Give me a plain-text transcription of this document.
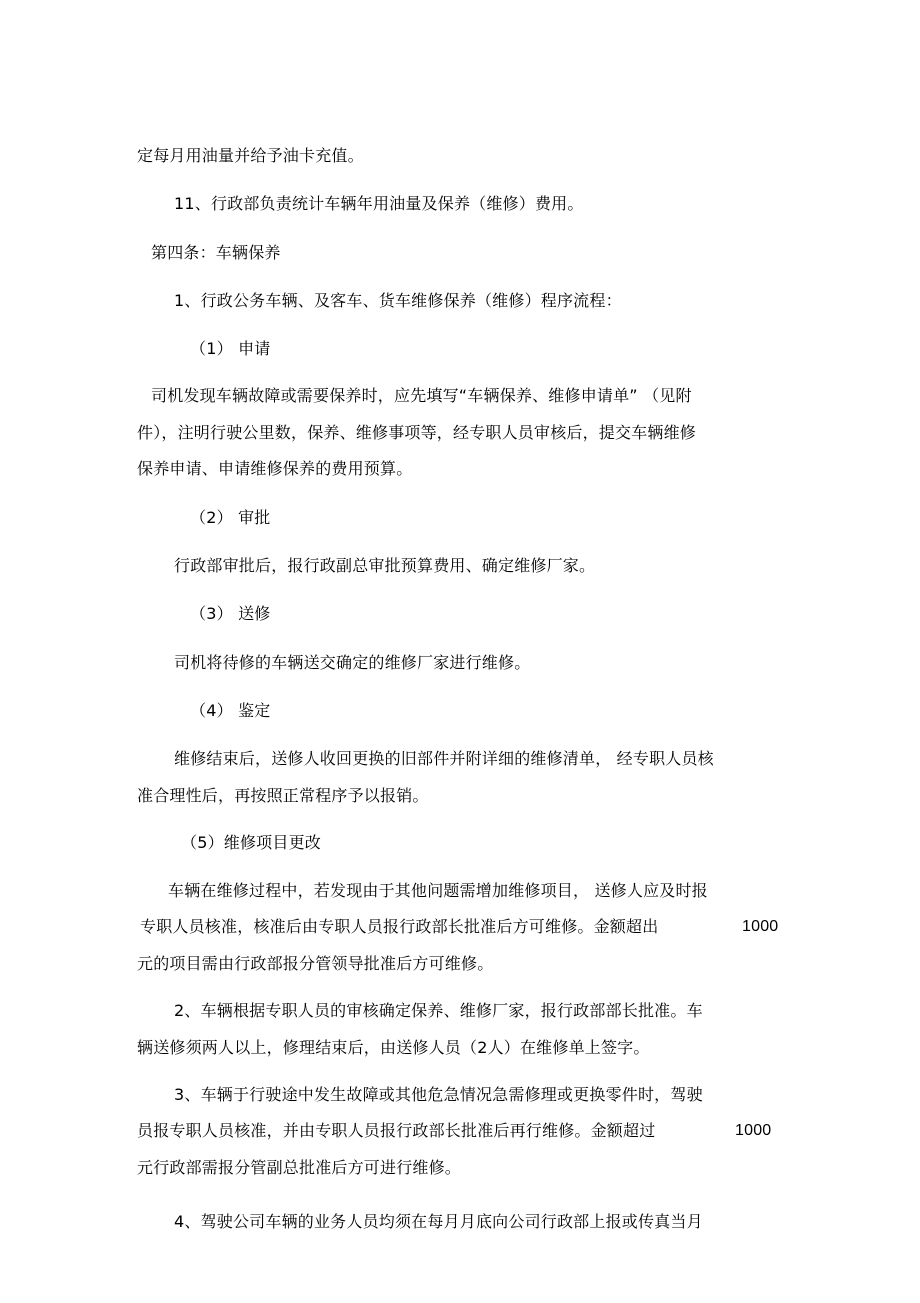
定每月用油量并给予油卡充值。
11、行政部负责统计车辆年用油量及保养（维修）费用。
第四条：车辆保养
1、行政公务车辆、及客车、货车维修保养（维修）程序流程：
（1） 申请
司机发现车辆故障或需要保养时，应先填写“车辆保养、维修申请单” （见附
件），注明行驶公里数，保养、维修事项等，经专职人员审核后，提交车辆维修
保养申请、申请维修保养的费用预算。
（2） 审批
行政部审批后，报行政副总审批预算费用、确定维修厂家。
（3） 送修
司机将待修的车辆送交确定的维修厂家进行维修。
（4） 鉴定
维修结束后，送修人收回更换的旧部件并附详细的维修清单， 经专职人员核
准合理性后，再按照正常程序予以报销。
（5）维修项目更改
车辆在维修过程中，若发现由于其他问题需增加维修项目， 送修人应及时报
专职人员核准，核准后由专职人员报行政部长批准后方可维修。金额超出	1000
元的项目需由行政部报分管领导批准后方可维修。
2、车辆根据专职人员的审核确定保养、维修厂家，报行政部部长批准。车
辆送修须两人以上，修理结束后，由送修人员（2人）在维修单上签字。
3、车辆于行驶途中发生故障或其他危急情况急需修理或更换零件时，驾驶
员报专职人员核准，并由专职人员报行政部长批准后再行维修。金额超过	1000
元行政部需报分管副总批准后方可进行维修。
4、驾驶公司车辆的业务人员均须在每月月底向公司行政部上报或传真当月
